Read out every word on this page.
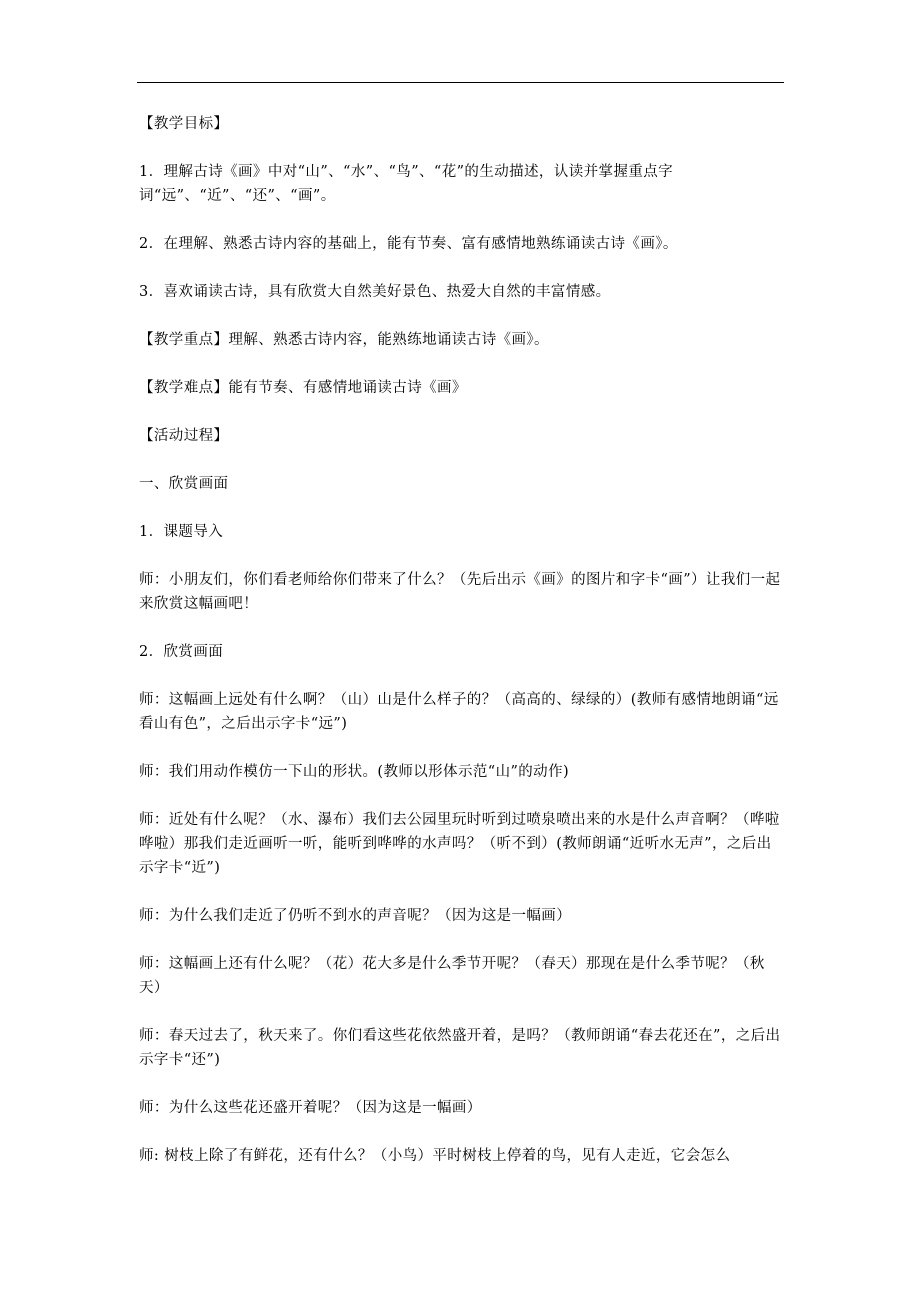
【教学目标】

1．理解古诗《画》中对“山”、“水”、“鸟”、“花”的生动描述，认读并掌握重点字词“远”、“近”、“还”、“画”。

2．在理解、熟悉古诗内容的基础上，能有节奏、富有感情地熟练诵读古诗《画》。

3．喜欢诵读古诗，具有欣赏大自然美好景色、热爱大自然的丰富情感。

【教学重点】理解、熟悉古诗内容，能熟练地诵读古诗《画》。

【教学难点】能有节奏、有感情地诵读古诗《画》

【活动过程】

一、欣赏画面

1．课题导入

师：小朋友们，你们看老师给你们带来了什么？（先后出示《画》的图片和字卡“画”）让我们一起来欣赏这幅画吧！

2．欣赏画面

师：这幅画上远处有什么啊？（山）山是什么样子的？（高高的、绿绿的）(教师有感情地朗诵“远看山有色”，之后出示字卡“远”)

师：我们用动作模仿一下山的形状。(教师以形体示范“山”的动作)

师：近处有什么呢？（水、瀑布）我们去公园里玩时听到过喷泉喷出来的水是什么声音啊？（哗啦哗啦）那我们走近画听一听，能听到哗哗的水声吗？（听不到）(教师朗诵“近听水无声”，之后出示字卡“近”)

师：为什么我们走近了仍听不到水的声音呢？（因为这是一幅画）

师：这幅画上还有什么呢？（花）花大多是什么季节开呢？（春天）那现在是什么季节呢？（秋天）

师：春天过去了，秋天来了。你们看这些花依然盛开着，是吗？（教师朗诵“春去花还在”，之后出示字卡“还”)

师：为什么这些花还盛开着呢？（因为这是一幅画）

师: 树枝上除了有鲜花，还有什么？（小鸟）平时树枝上停着的鸟，见有人走近，它会怎么
